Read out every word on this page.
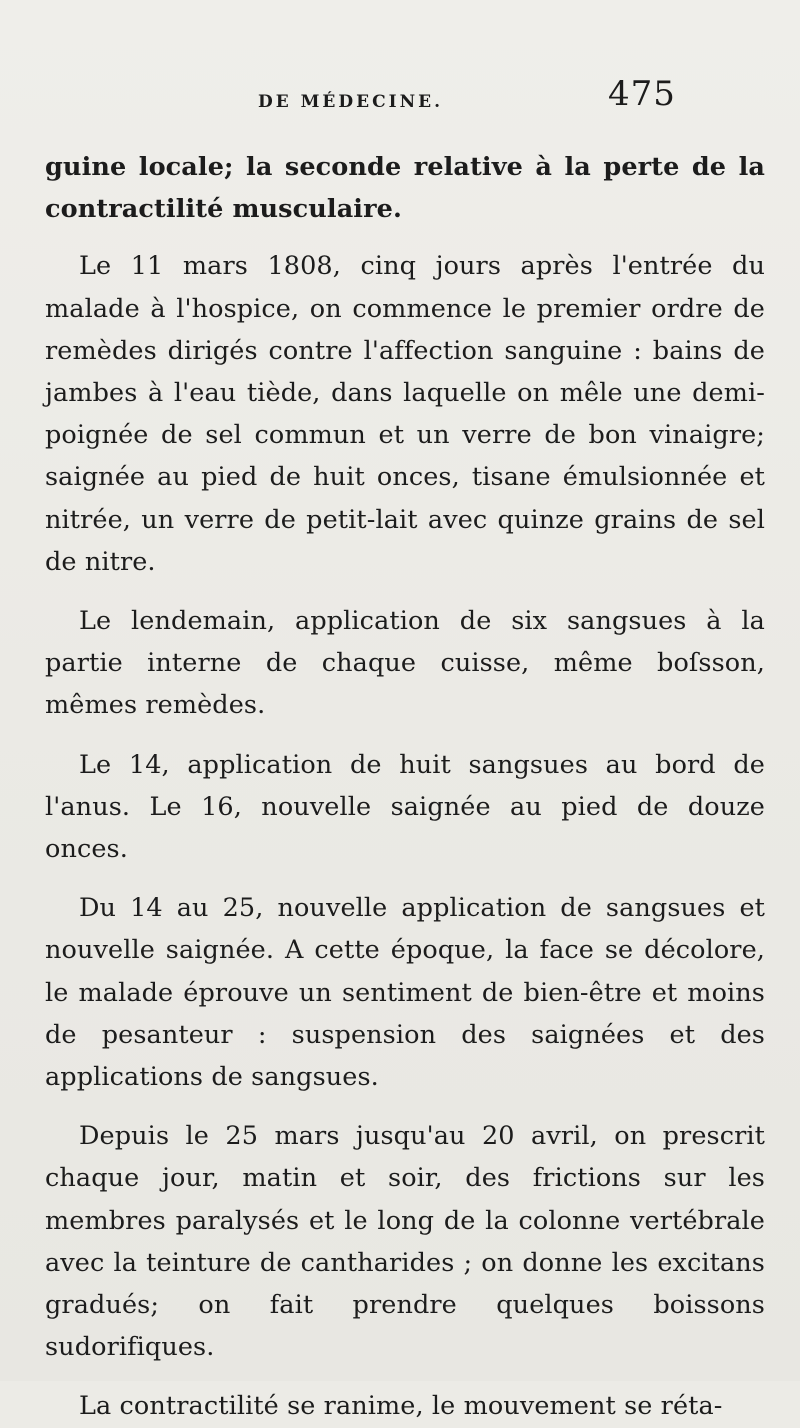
DE MÉDECINE.	475

guine locale; la seconde relative à la perte de la contractilité musculaire.

Le 11 mars 1808, cinq jours après l'entrée du malade à l'hospice, on commence le premier ordre de remèdes dirigés contre l'affection sanguine : bains de jambes à l'eau tiède, dans laquelle on mêle une demi-poignée de sel commun et un verre de bon vinaigre; saignée au pied de huit onces, tisane émulsionnée et nitrée, un verre de petit-lait avec quinze grains de sel de nitre.

Le lendemain, application de six sangsues à la partie interne de chaque cuisse, même boſsson, mêmes remèdes.

Le 14, application de huit sangsues au bord de l'anus. Le 16, nouvelle saignée au pied de douze onces.

Du 14 au 25, nouvelle application de sangsues et nouvelle saignée. A cette époque, la face se décolore, le malade éprouve un sentiment de bien-être et moins de pesanteur : suspension des saignées et des applications de sangsues.

Depuis le 25 mars jusqu'au 20 avril, on prescrit chaque jour, matin et soir, des frictions sur les membres paralysés et le long de la colonne vertébrale avec la teinture de cantharides ; on donne les excitans gradués; on fait prendre quelques boissons sudorifiques.

La contractilité se ranime, le mouvement se réta-
